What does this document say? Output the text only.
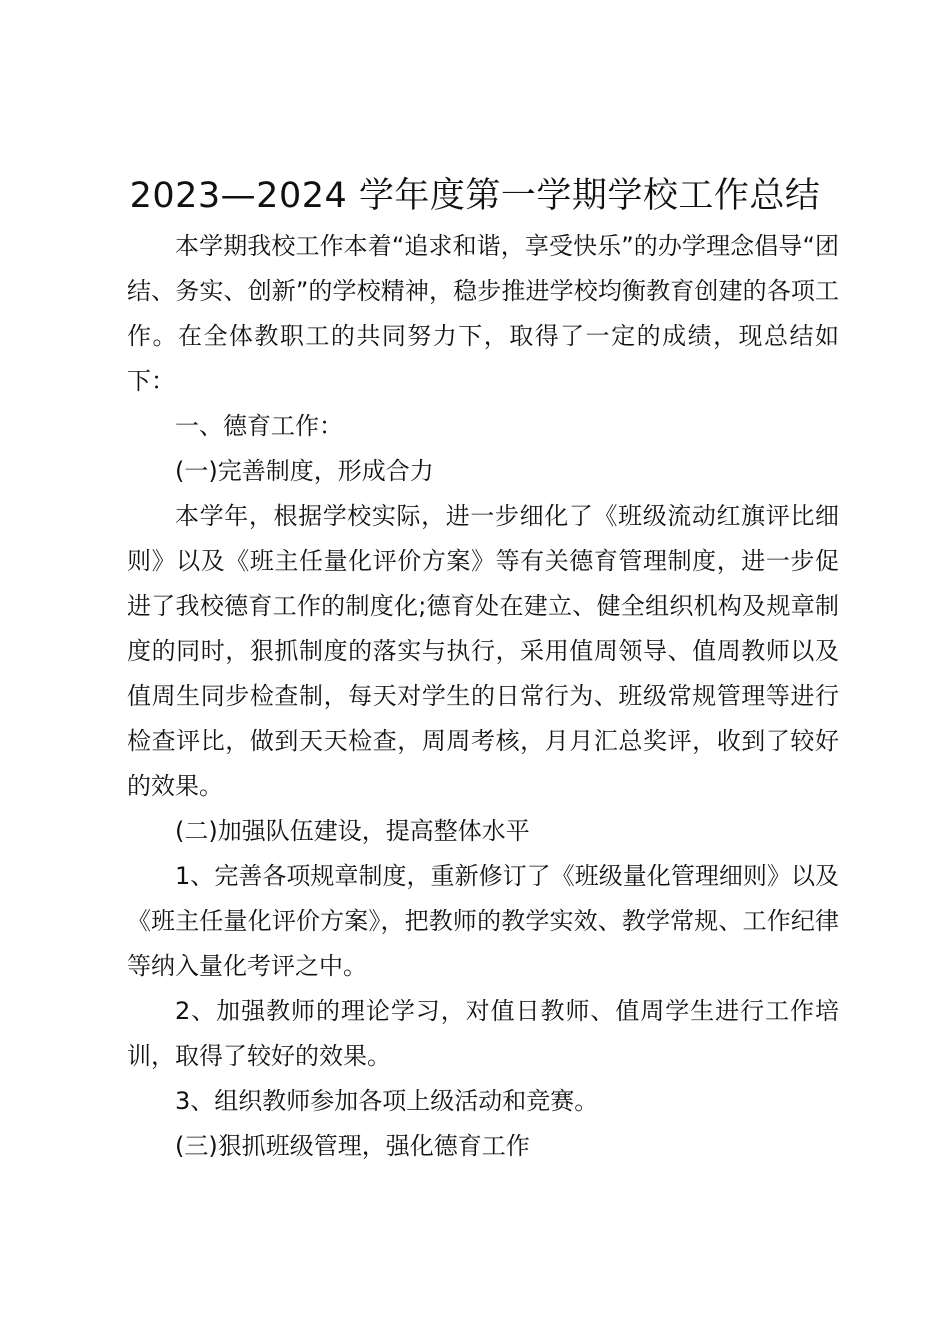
2023—2024 学年度第一学期学校工作总结

本学期我校工作本着“追求和谐，享受快乐”的办学理念倡导“团结、务实、创新”的学校精神，稳步推进学校均衡教育创建的各项工作。在全体教职工的共同努力下，取得了一定的成绩，现总结如下：

一、德育工作：

(一)完善制度，形成合力

本学年，根据学校实际，进一步细化了《班级流动红旗评比细则》以及《班主任量化评价方案》等有关德育管理制度，进一步促进了我校德育工作的制度化;德育处在建立、健全组织机构及规章制度的同时，狠抓制度的落实与执行，采用值周领导、值周教师以及值周生同步检查制，每天对学生的日常行为、班级常规管理等进行检查评比，做到天天检查，周周考核，月月汇总奖评，收到了较好的效果。

(二)加强队伍建设，提高整体水平

1、完善各项规章制度，重新修订了《班级量化管理细则》以及《班主任量化评价方案》，把教师的教学实效、教学常规、工作纪律等纳入量化考评之中。

2、加强教师的理论学习，对值日教师、值周学生进行工作培训，取得了较好的效果。

3、组织教师参加各项上级活动和竞赛。

(三)狠抓班级管理，强化德育工作
